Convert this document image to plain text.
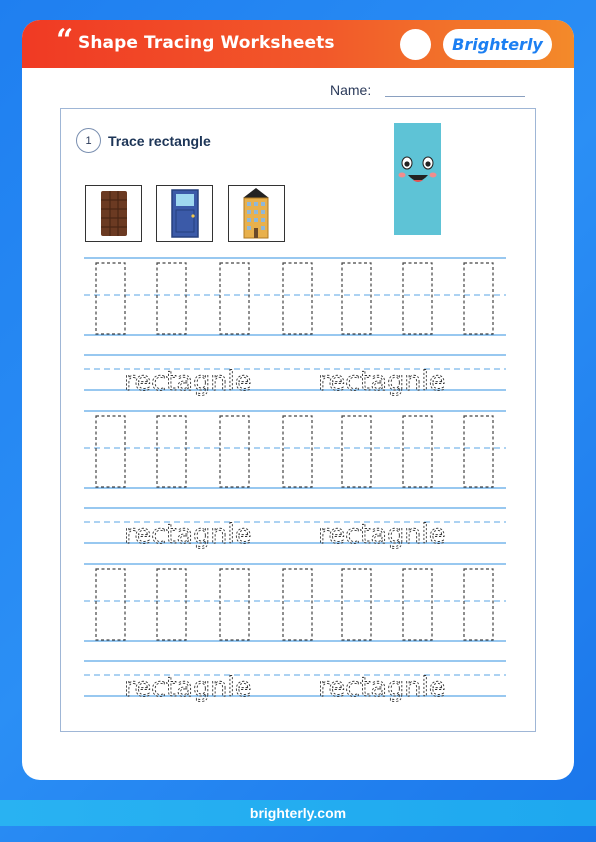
“ Shape Tracing Worksheets	Brighterly
Name:
1	Trace rectangle
rectagnle rectagnle
rectagnle rectagnle
rectagnle rectagnle
brighterly.com
